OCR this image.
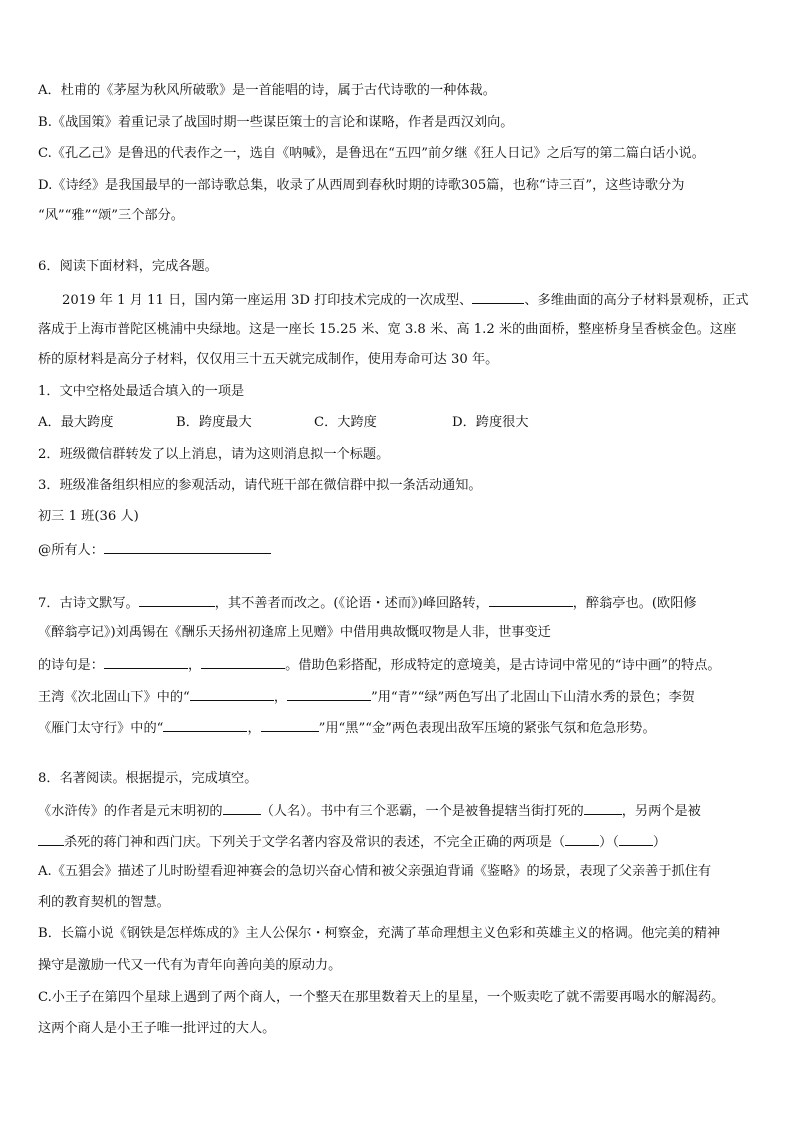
A．杜甫的《茅屋为秋风所破歌》是一首能唱的诗，属于古代诗歌的一种体裁。
B.《战国策》着重记录了战国时期一些谋臣策士的言论和谋略，作者是西汉刘向。
C.《孔乙己》是鲁迅的代表作之一，选自《呐喊》，是鲁迅在“五四”前夕继《狂人日记》之后写的第二篇白话小说。
D.《诗经》是我国最早的一部诗歌总集，收录了从西周到春秋时期的诗歌305篇，也称“诗三百”，这些诗歌分为
“风”“雅”“颂”三个部分。
6．阅读下面材料，完成各题。
2019 年 1 月 11 日，国内第一座运用 3D 打印技术完成的一次成型、	、多维曲面的高分子材料景观桥，正式
落成于上海市普陀区桃浦中央绿地。这是一座长 15.25 米、宽 3.8 米、高 1.2 米的曲面桥，整座桥身呈香槟金色。这座
桥的原材料是高分子材料，仅仅用三十五天就完成制作，使用寿命可达 30 年。
1．文中空格处最适合填入的一项是
A．最大跨度	B．跨度最大	C．大跨度	D．跨度很大
2．班级微信群转发了以上消息，请为这则消息拟一个标题。
3．班级准备组织相应的参观活动，请代班干部在微信群中拟一条活动通知。
初三 1 班(36 人)
@所有人：
7．古诗文默写。	，其不善者而改之。(《论语・述而》)峰回路转，	，醉翁亭也。(欧阳修
《醉翁亭记》)刘禹锡在《酬乐天扬州初逢席上见赠》中借用典故慨叹物是人非，世事变迁
的诗句是：	，	。借助色彩搭配，形成特定的意境美，是古诗词中常见的“诗中画”的特点。
王湾《次北固山下》中的“	，	”用“青”“绿”两色写出了北固山下山清水秀的景色；李贺
《雁门太守行》中的“	，	”用“黑”“金”两色表现出敌军压境的紧张气氛和危急形势。
8．名著阅读。根据提示，完成填空。
《水浒传》的作者是元末明初的	（人名）。书中有三个恶霸，一个是被鲁提辖当街打死的	，另两个是被
杀死的蒋门神和西门庆。下列关于文学名著内容及常识的表述，不完全正确的两项是（	）（	）
A.《五猖会》描述了儿时盼望看迎神赛会的急切兴奋心情和被父亲强迫背诵《鉴略》的场景，表现了父亲善于抓住有
利的教育契机的智慧。
B．长篇小说《钢铁是怎样炼成的》主人公保尔・柯察金，充满了革命理想主义色彩和英雄主义的格调。他完美的精神
操守是激励一代又一代有为青年向善向美的原动力。
C.小王子在第四个星球上遇到了两个商人，一个整天在那里数着天上的星星，一个贩卖吃了就不需要再喝水的解渴药。
这两个商人是小王子唯一批评过的大人。
